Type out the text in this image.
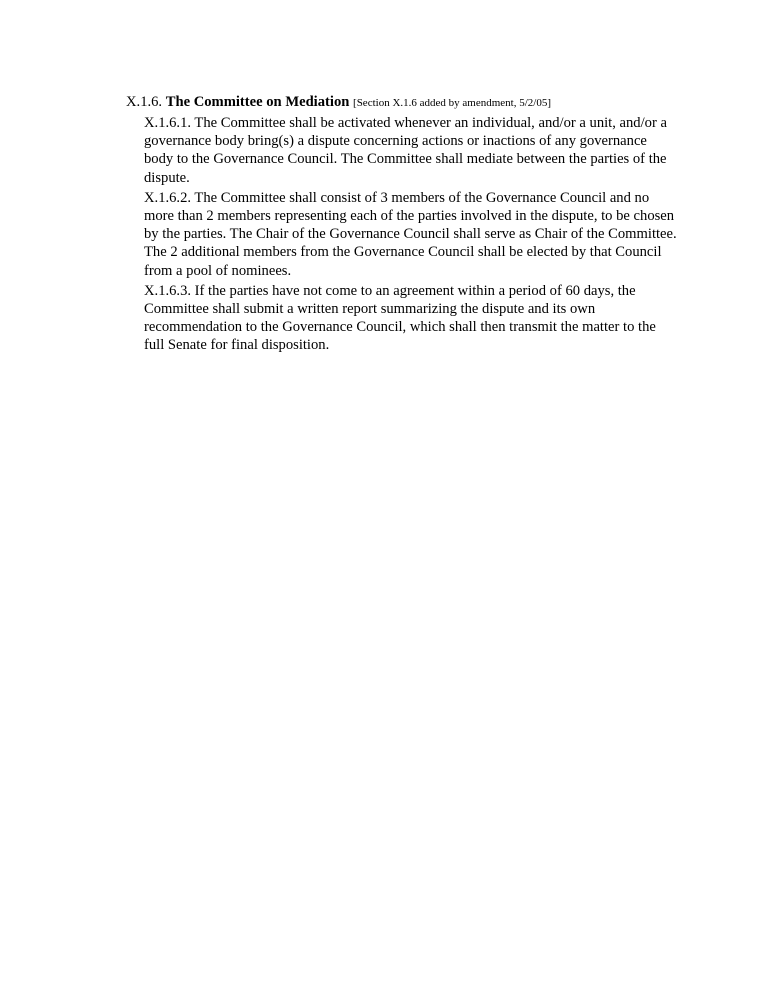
X.1.6. The Committee on Mediation [Section X.1.6 added by amendment, 5/2/05]

X.1.6.1. The Committee shall be activated whenever an individual, and/or a unit, and/or a governance body bring(s) a dispute concerning actions or inactions of any governance body to the Governance Council. The Committee shall mediate between the parties of the dispute.

X.1.6.2. The Committee shall consist of 3 members of the Governance Council and no more than 2 members representing each of the parties involved in the dispute, to be chosen by the parties. The Chair of the Governance Council shall serve as Chair of the Committee. The 2 additional members from the Governance Council shall be elected by that Council from a pool of nominees.

X.1.6.3. If the parties have not come to an agreement within a period of 60 days, the Committee shall submit a written report summarizing the dispute and its own recommendation to the Governance Council, which shall then transmit the matter to the full Senate for final disposition.
